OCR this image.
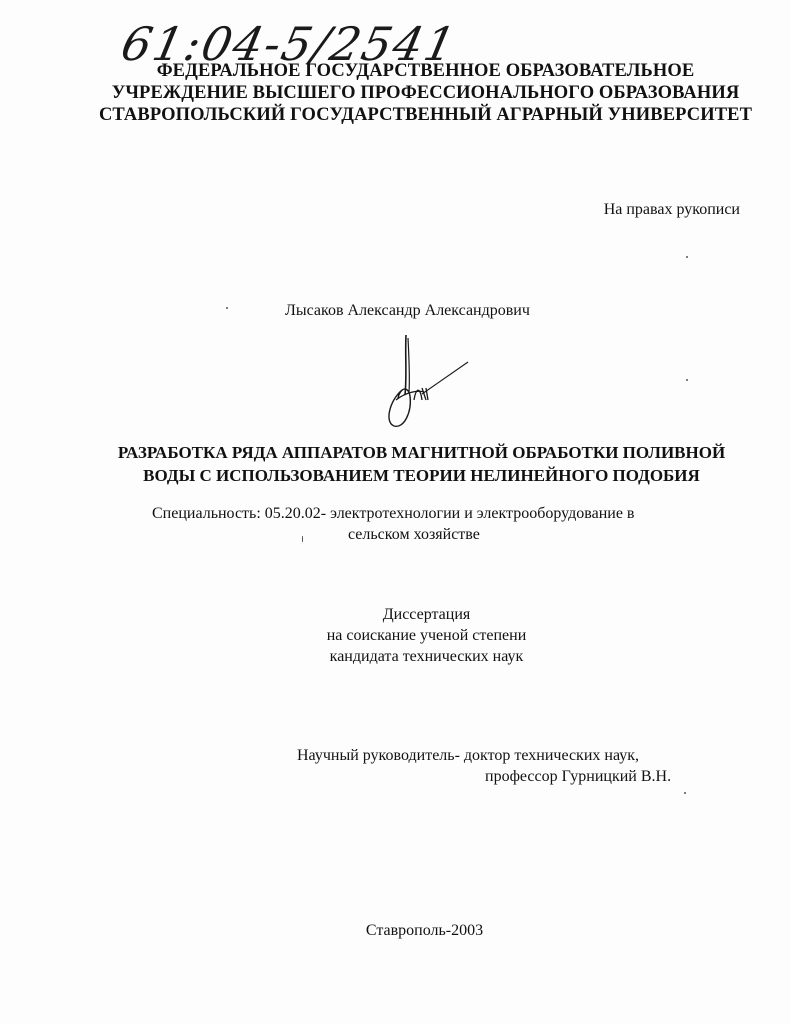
61:04-5/2541
ФЕДЕРАЛЬНОЕ ГОСУДАРСТВЕННОЕ ОБРАЗОВАТЕЛЬНОЕ
УЧРЕЖДЕНИЕ ВЫСШЕГО ПРОФЕССИОНАЛЬНОГО ОБРАЗОВАНИЯ
СТАВРОПОЛЬСКИЙ ГОСУДАРСТВЕННЫЙ АГРАРНЫЙ УНИВЕРСИТЕТ
На правах рукописи
Лысаков Александр Александрович
РАЗРАБОТКА РЯДА АППАРАТОВ МАГНИТНОЙ ОБРАБОТКИ ПОЛИВНОЙ
ВОДЫ С ИСПОЛЬЗОВАНИЕМ ТЕОРИИ НЕЛИНЕЙНОГО ПОДОБИЯ
Специальность: 05.20.02- электротехнологии и электрооборудование в
сельском хозяйстве
Диссертация
на соискание ученой степени
кандидата технических наук
Научный руководитель- доктор технических наук,
профессор Гурницкий В.Н.
Ставрополь-2003
